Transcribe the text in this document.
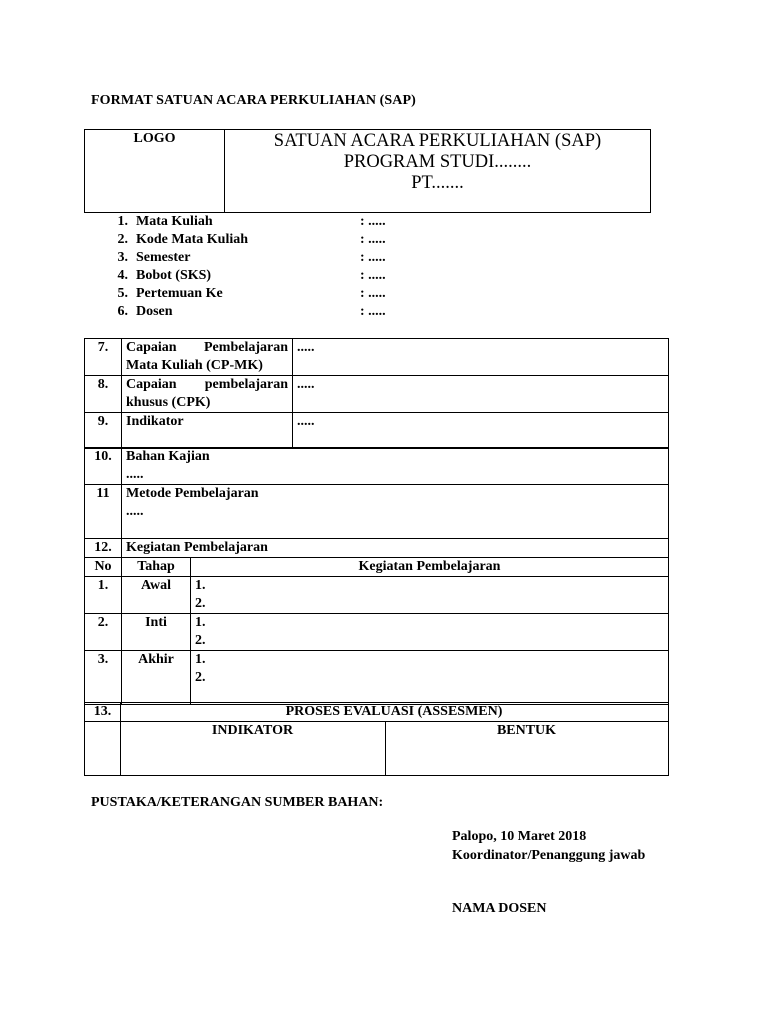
FORMAT SATUAN ACARA PERKULIAHAN (SAP)
LOGO	SATUAN ACARA PERKULIAHAN (SAP)
PROGRAM STUDI........
PT.......
1. Mata Kuliah	: .....
2. Kode Mata Kuliah	: .....
3. Semester	: .....
4. Bobot (SKS)	: .....
5. Pertemuan Ke	: .....
6. Dosen	: .....
7.	Capaian Pembelajaran Mata Kuliah (CP-MK)	.....
8.	Capaian pembelajaran khusus (CPK)	.....
9.	Indikator	.....
10.	Bahan Kajian
.....

11	Metode Pembelajaran
.....
12.	Kegiatan Pembelajaran	
No	Tahap	Kegiatan Pembelajaran
1.	Awal	1.
2.

2.	Inti	1.
2.

3.	Akhir	1.
2.
13.	PROSES EVALUASI (ASSESMEN)
INDIKATOR	BENTUK
PUSTAKA/KETERANGAN SUMBER BAHAN:
Palopo, 10 Maret 2018
Koordinator/Penanggung jawab
NAMA DOSEN
